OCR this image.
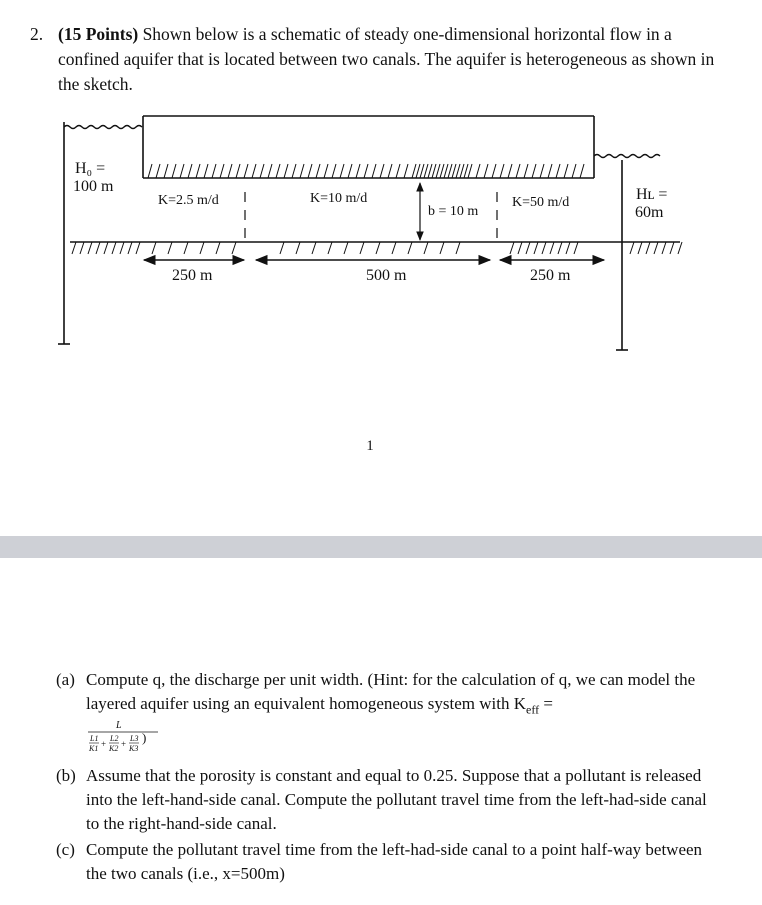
2. (15 Points) Shown below is a schematic of steady one-dimensional horizontal flow in a confined aquifer that is located between two canals. The aquifer is heterogeneous as shown in the sketch.
H₀ =
100 m
K=2.5 m/d	K=10 m/d
b = 10 m
K=50 m/d	Hʟ =
60m
250 m	500 m	250 m
1
(a) Compute q, the discharge per unit width. (Hint: for the calculation of q, we can model the layered aquifer using an equivalent homogeneous system with $K_{eff}$ =
L
L1
K1 +
L2
K2 +
L3
K3
)
(b) Assume that the porosity is constant and equal to 0.25. Suppose that a pollutant is released into the left-hand-side canal. Compute the pollutant travel time from the left-had-side canal to the right-hand-side canal.
(c) Compute the pollutant travel time from the left-had-side canal to a point half-way between the two canals (i.e., x=500m)
